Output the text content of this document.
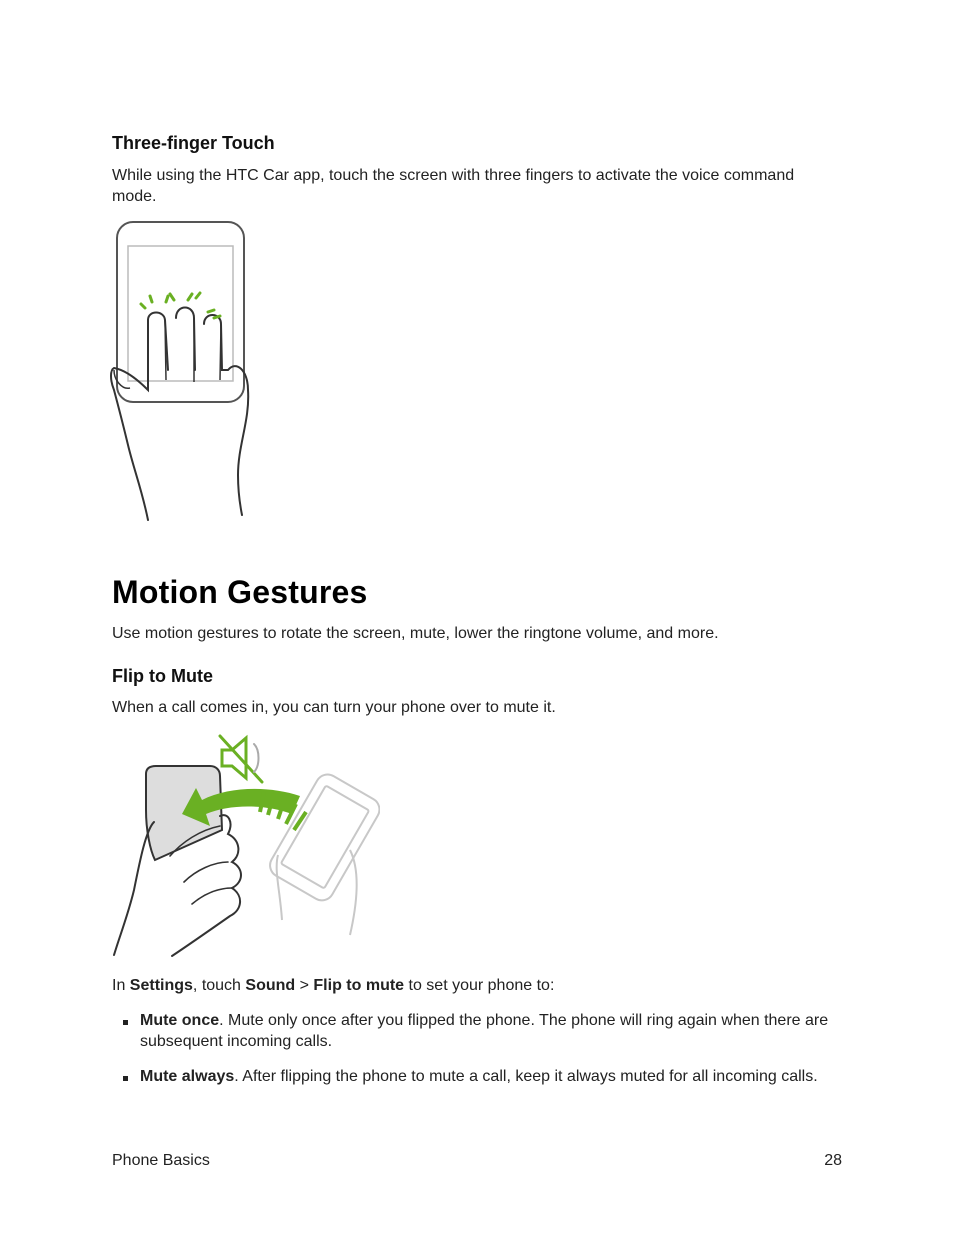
Three-finger Touch
While using the HTC Car app, touch the screen with three fingers to activate the voice command mode.
Motion Gestures
Use motion gestures to rotate the screen, mute, lower the ringtone volume, and more.
Flip to Mute
When a call comes in, you can turn your phone over to mute it.
In Settings, touch Sound > Flip to mute to set your phone to:
Mute once. Mute only once after you flipped the phone. The phone will ring again when there are subsequent incoming calls.
Mute always. After flipping the phone to mute a call, keep it always muted for all incoming calls.
Phone Basics	28
